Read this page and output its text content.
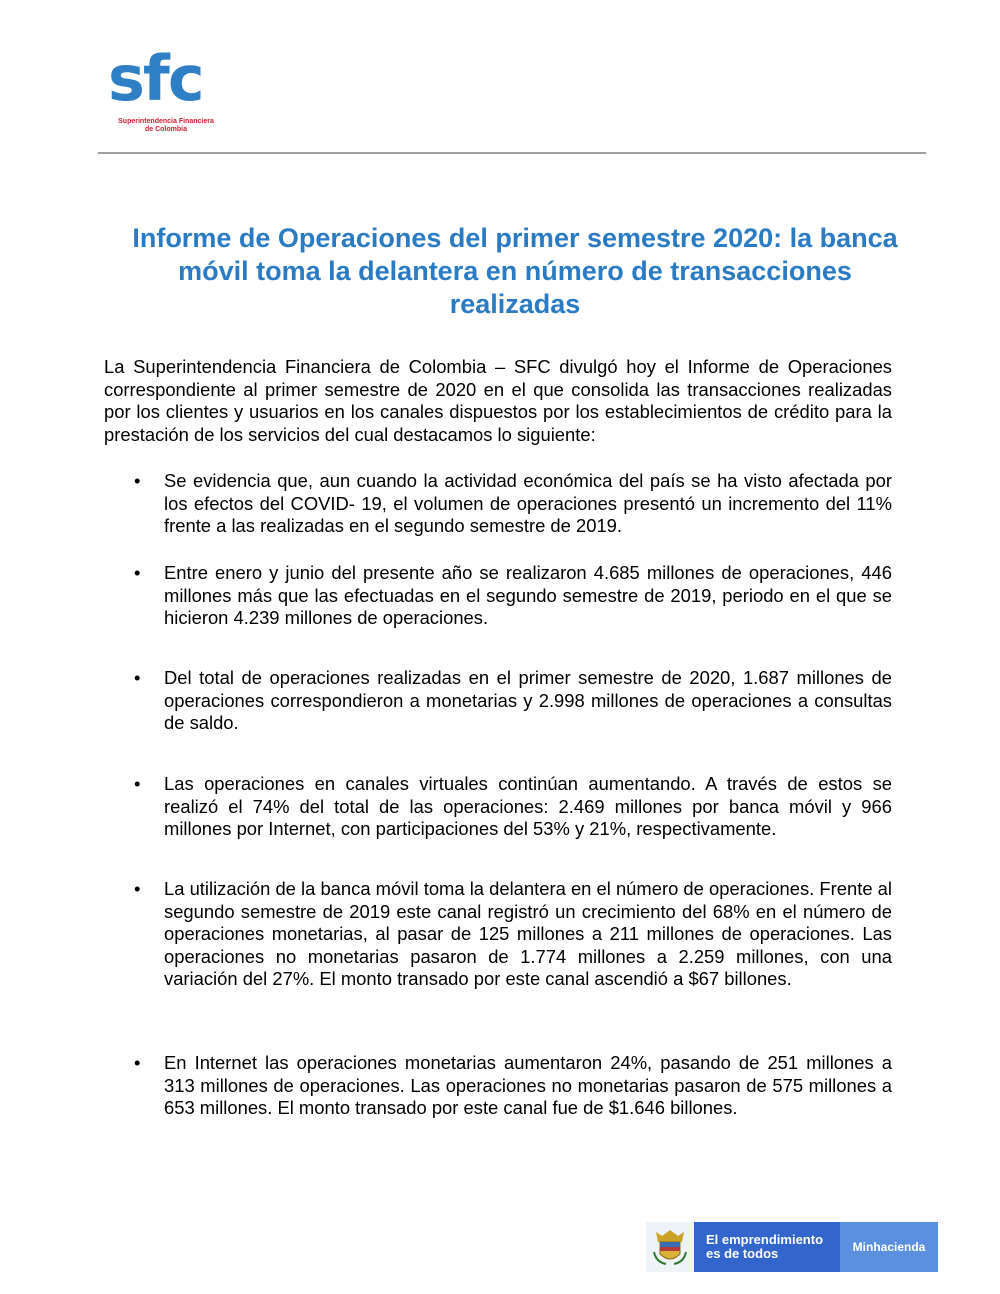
sfc
Superintendencia Financiera
de Colombia
Informe de Operaciones del primer semestre 2020: la banca móvil toma la delantera en número de transacciones realizadas

La Superintendencia Financiera de Colombia – SFC divulgó hoy el Informe de Operaciones correspondiente al primer semestre de 2020 en el que consolida las transacciones realizadas por los clientes y usuarios en los canales dispuestos por los establecimientos de crédito para la prestación de los servicios del cual destacamos lo siguiente:

•	Se evidencia que, aun cuando la actividad económica del país se ha visto afectada por los efectos del COVID- 19, el volumen de operaciones presentó un incremento del 11% frente a las realizadas en el segundo semestre de 2019.

•	Entre enero y junio del presente año se realizaron 4.685 millones de operaciones, 446 millones más que las efectuadas en el segundo semestre de 2019, periodo en el que se hicieron 4.239 millones de operaciones.

•	Del total de operaciones realizadas en el primer semestre de 2020, 1.687 millones de operaciones correspondieron a monetarias y 2.998 millones de operaciones a consultas de saldo.

•	Las operaciones en canales virtuales continúan aumentando. A través de estos se realizó el 74% del total de las operaciones: 2.469 millones por banca móvil y 966 millones por Internet, con participaciones del 53% y 21%, respectivamente.

•	La utilización de la banca móvil toma la delantera en el número de operaciones. Frente al segundo semestre de 2019 este canal registró un crecimiento del 68% en el número de operaciones monetarias, al pasar de 125 millones a 211 millones de operaciones. Las operaciones no monetarias pasaron de 1.774 millones a 2.259 millones, con una variación del 27%. El monto transado por este canal ascendió a $67 billones.

•	En Internet las operaciones monetarias aumentaron 24%, pasando de 251 millones a 313 millones de operaciones. Las operaciones no monetarias pasaron de 575 millones a 653 millones. El monto transado por este canal fue de $1.646 billones.

El emprendimiento
es de todos	Minhacienda
